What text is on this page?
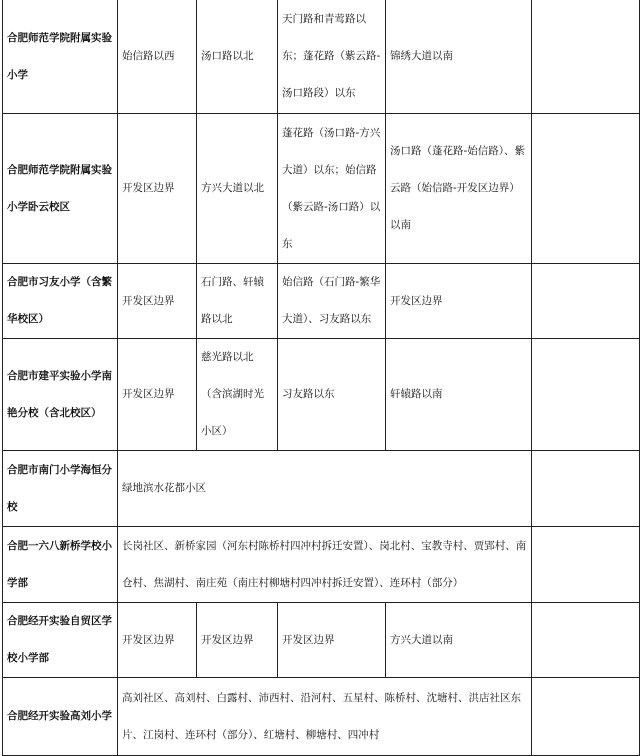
合肥师范学院附属实验小学	始信路以西	汤口路以北	天门路和青莺路以东；蓬花路（紫云路-汤口路段）以东	锦绣大道以南	
合肥师范学院附属实验小学卧云校区	开发区边界	方兴大道以北	蓬花路（汤口路-方兴大道）以东；始信路（紫云路-汤口路）以东	汤口路（蓬花路-始信路）、紫云路（始信路-开发区边界）以南	
合肥市习友小学（含繁华校区）	开发区边界	石门路、轩辕路以北	始信路（石门路-繁华大道）、习友路以东	开发区边界	
合肥市建平实验小学南艳分校（含北校区）	开发区边界	慈光路以北（含滨湖时光小区）	习友路以东	轩辕路以南	
合肥市南门小学海恒分校	绿地滨水花都小区				
合肥一六八新桥学校小学部	长岗社区、新桥家园（河东村陈桥村四冲村拆迁安置）、岗北村、宝教寺村、贾郢村、南仓村、焦湖村、南庄苑（南庄村柳塘村四冲村拆迁安置）、连环村（部分）				
合肥经开实验自贸区学校小学部	开发区边界	开发区边界	开发区边界	方兴大道以南	
合肥经开实验高刘小学	高刘社区、高刘村、白露村、沛西村、沿河村、五星村、陈桥村、沈塘村、洪店社区东片、江岗村、连环村（部分）、红塘村、柳塘村、四冲村				
